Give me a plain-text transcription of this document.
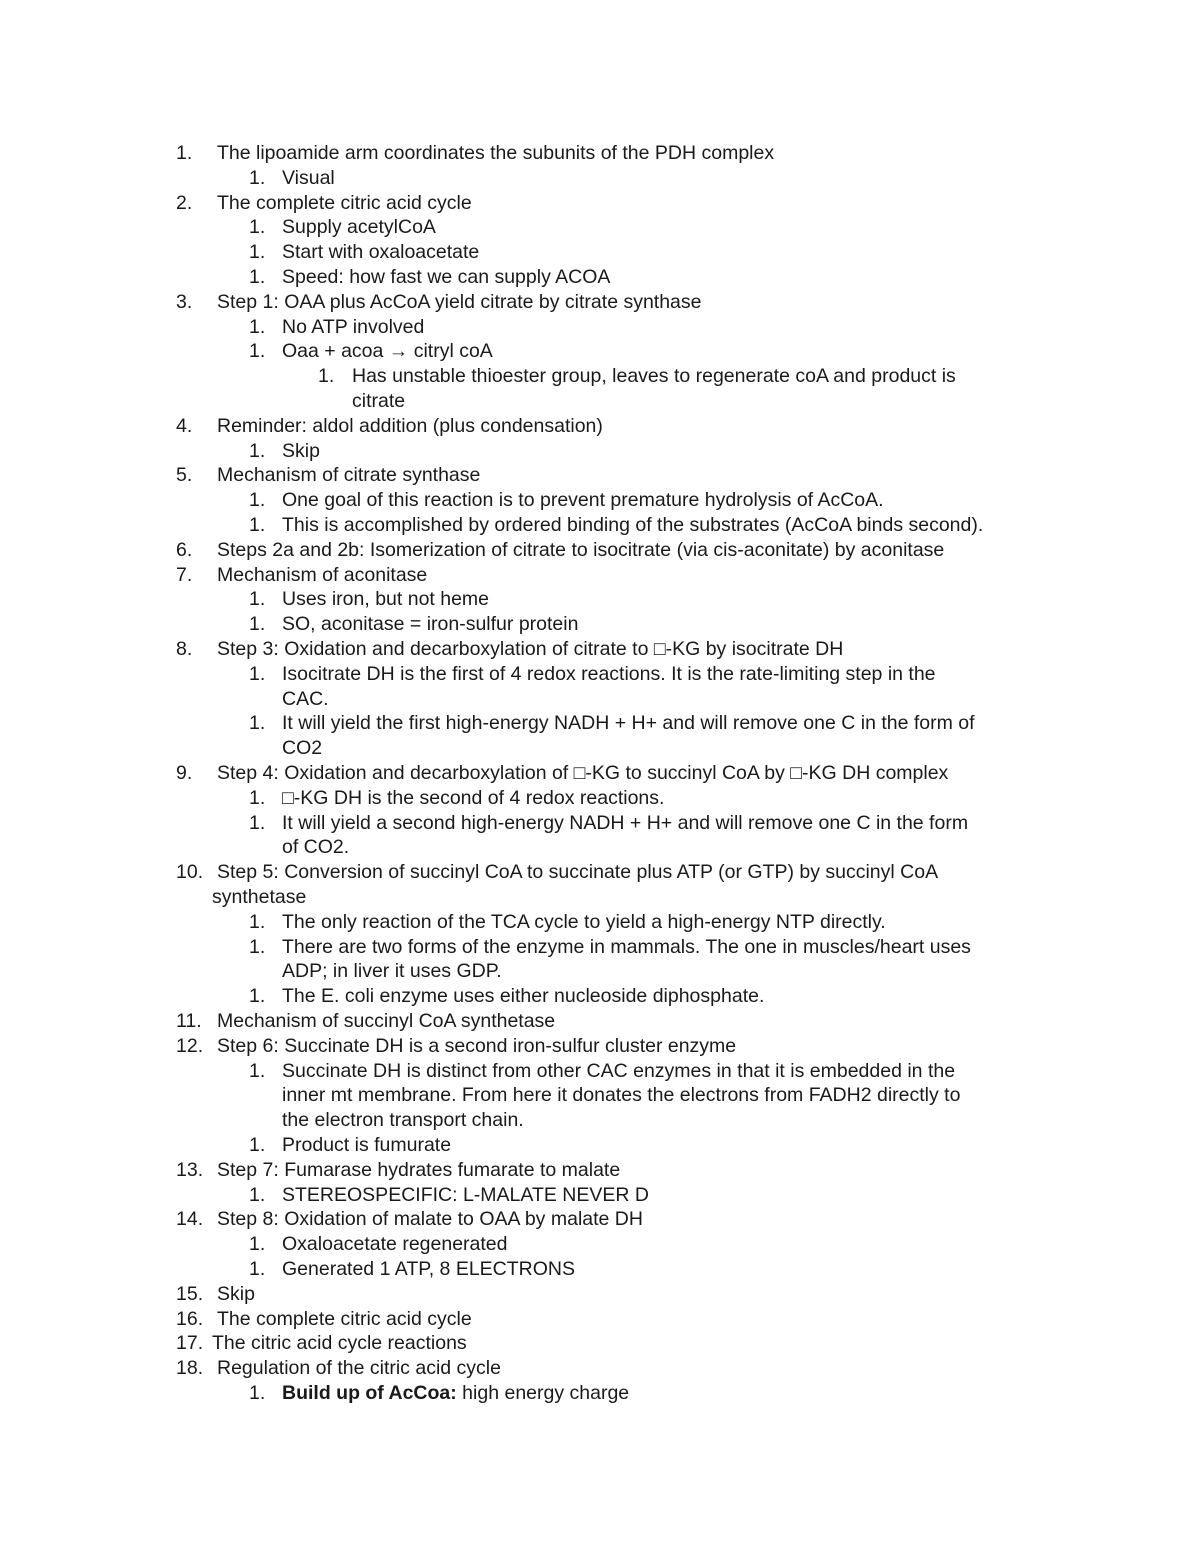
1. The lipoamide arm coordinates the subunits of the PDH complex
1. Visual
2. The complete citric acid cycle
1. Supply acetylCoA
1. Start with oxaloacetate
1. Speed: how fast we can supply ACOA
3. Step 1: OAA plus AcCoA yield citrate by citrate synthase
1. No ATP involved
1. Oaa + acoa → citryl coA
1. Has unstable thioester group, leaves to regenerate coA and product is
citrate
4. Reminder: aldol addition (plus condensation)
1. Skip
5. Mechanism of citrate synthase
1. One goal of this reaction is to prevent premature hydrolysis of AcCoA.
1. This is accomplished by ordered binding of the substrates (AcCoA binds second).
6. Steps 2a and 2b: Isomerization of citrate to isocitrate (via cis-aconitate) by aconitase
7. Mechanism of aconitase
1. Uses iron, but not heme
1. SO, aconitase = iron-sulfur protein
8. Step 3: Oxidation and decarboxylation of citrate to □-KG by isocitrate DH
1. Isocitrate DH is the first of 4 redox reactions. It is the rate-limiting step in the
CAC.
1. It will yield the first high-energy NADH + H+ and will remove one C in the form of
CO2
9. Step 4: Oxidation and decarboxylation of □-KG to succinyl CoA by □-KG DH complex
1. □-KG DH is the second of 4 redox reactions.
1. It will yield a second high-energy NADH + H+ and will remove one C in the form
of CO2.
10. Step 5: Conversion of succinyl CoA to succinate plus ATP (or GTP) by succinyl CoA
synthetase
1. The only reaction of the TCA cycle to yield a high-energy NTP directly.
1. There are two forms of the enzyme in mammals. The one in muscles/heart uses
ADP; in liver it uses GDP.
1. The E. coli enzyme uses either nucleoside diphosphate.
11. Mechanism of succinyl CoA synthetase
12. Step 6: Succinate DH is a second iron-sulfur cluster enzyme
1. Succinate DH is distinct from other CAC enzymes in that it is embedded in the
inner mt membrane. From here it donates the electrons from FADH2 directly to
the electron transport chain.
1. Product is fumurate
13. Step 7: Fumarase hydrates fumarate to malate
1. STEREOSPECIFIC: L-MALATE NEVER D
14. Step 8: Oxidation of malate to OAA by malate DH
1. Oxaloacetate regenerated
1. Generated 1 ATP, 8 ELECTRONS
15. Skip
16. The complete citric acid cycle
17. The citric acid cycle reactions
18. Regulation of the citric acid cycle
1. Build up of AcCoa: high energy charge
